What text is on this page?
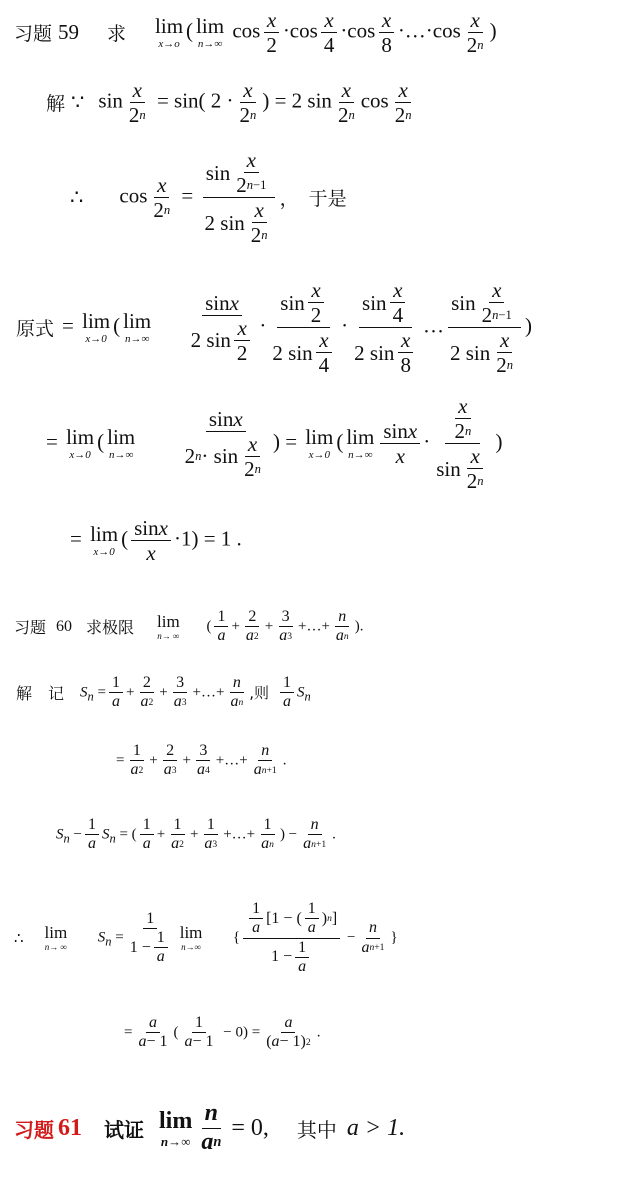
习题 59 求 lim
x→o
( lim
n→∞
$\cos \frac{x}{2} \cdot\cos \frac{x}{4} \cdot\cos \frac{x}{8}$ ·…·cos $\frac{x}{2 n}$ )
解 ∵ $\sin \frac{x}{2 n} = \sin$( $2 \cdot \frac{x}{2 n}$ ) = 2 $\sin \frac{x}{2 n}$ $\cos \frac{x}{2 n}$
∴ $\cos \frac{x}{2 n} = \sin$
x
2 n−1
2 sin
x
2 n ， 于是
原式 = lim
x→0
( lim
n→∞
sin x
2 sin
x
2 · sin
x
2
2 sin
x
4 · sin
x
4
2 sin
x
8 … sin
x
2 n−1
2 sin
x
2 n )
= lim
x→0
( lim
n→∞
sin x
2 n · sin
x
2 n ) = lim
x→0
( lim
$n\to\infty \frac{\text{sin x}}{x} \cdot x$
2 n
sin
x
2 n )
= lim
x→0
( $\frac{\text{sin x}}{x} \cdot 1) = 1$ .
习题 60 求极限 lim
n→ ∞
( $\frac{1}{a} + \frac{2}{a 2} + \frac{3}{a 3}$ +…+ $\frac{n}{\text{a n}}$ ).
解　记 $S_n = \frac{1}{a} + \frac{2}{a 2} + \frac{3}{a 3}$ +…+ $\frac{n}{\text{a n}}$ ,则 $\frac{1}{a} S_n$
= $\frac{1}{a 2} + \frac{2}{a 3} + \frac{3}{a 4}$ +…+ $\frac{n}{\text{a n+1}}$ .
$S_n - \frac{1}{a} S_n$ = ( $\frac{1}{a} + \frac{1}{a 2} + \frac{1}{a 3}$ +…+ $\frac{1}{\text{a n}}$ ) − $\frac{n}{\text{a n+1}}$ .
∴ lim
n→ ∞
$S_n = 1$
1 −
1
a lim
n→∞
{ 1
a
[1 − (
1
a
) n ]
1 −
1
$a - \frac{n}{\text{a n+1}}$ }
= $\frac{a}{a - 1}$ ( $\frac{1}{a - 1} - 0) = \frac{a}{( a - 1) 2}$ .
习题 61 试证 lim
$n\to\infty \frac{n}{\text{a n}} = 0$, 其中 a > 1.
